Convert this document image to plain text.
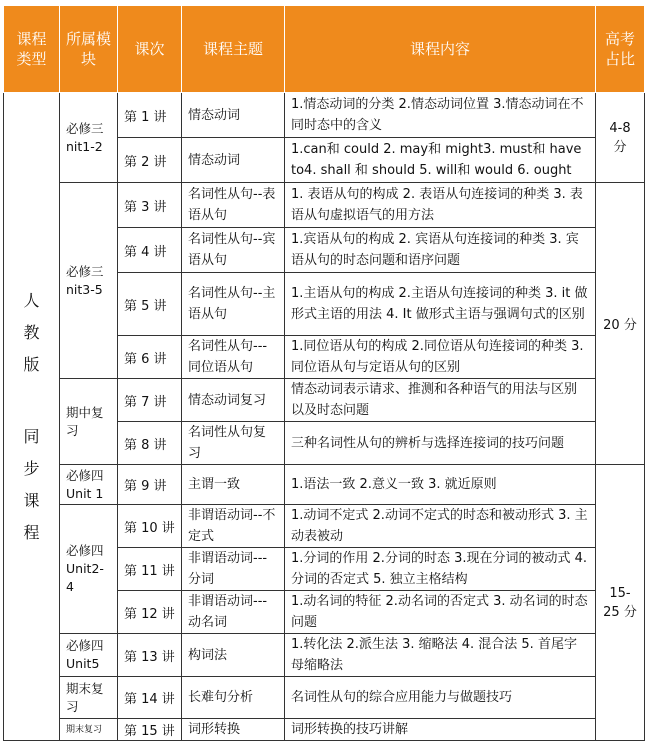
课程类型	所属模块	课次	课程主题	课程内容	高考占比

人教版
同步课程	必修三nit1-2	第 1 讲	情态动词	1.情态动词的分类 2.情态动词位置 3.情态动词在不同时态中的含义	4-8 分
		第 2 讲	情态动词	1.can和 could 2. may和 might3. must和 have to4. shall 和 should 5. will和 would 6. ought	
	必修三nit3-5	第 3 讲	名词性从句--表语从句	1. 表语从句的构成 2. 表语从句连接词的种类 3. 表语从句虚拟语气的用方法	20 分
		第 4 讲	名词性从句--宾语从句	1.宾语从句的构成 2. 宾语从句连接词的种类 3. 宾语从句的时态问题和语序问题	
		第 5 讲	名词性从句--主语从句	1.主语从句的构成 2.主语从句连接词的种类 3. it 做形式主语的用法 4. It 做形式主语与强调句式的区别	
		第 6 讲	名词性从句---同位语从句	1.同位语从句的构成 2.同位语从句连接词的种类 3.同位语从句与定语从句的区别	
	期中复习	第 7 讲	情态动词复习	情态动词表示请求、推测和各种语气的用法与区别以及时态问题	
		第 8 讲	名词性从句复习	三种名词性从句的辨析与选择连接词的技巧问题	
	必修四Unit 1	第 9 讲	主谓一致	1.语法一致 2.意义一致 3. 就近原则	15-25 分
	必修四Unit2-4	第 10 讲	非谓语动词--不定式	1.动词不定式 2.动词不定式的时态和被动形式 3. 主动表被动	
		第 11 讲	非谓语动词---分词	1.分词的作用 2.分词的时态 3.现在分词的被动式 4. 分词的否定式 5. 独立主格结构	
		第 12 讲	非谓语动词---动名词	1.动名词的特征 2.动名词的否定式 3. 动名词的时态问题	
	必修四Unit5	第 13 讲	构词法	1.转化法 2.派生法 3. 缩略法 4. 混合法 5. 首尾字母缩略法	
	期末复习	第 14 讲	长难句分析	名词性从句的综合应用能力与做题技巧	
	期末复习	第 15 讲	词形转换	词形转换的技巧讲解	
